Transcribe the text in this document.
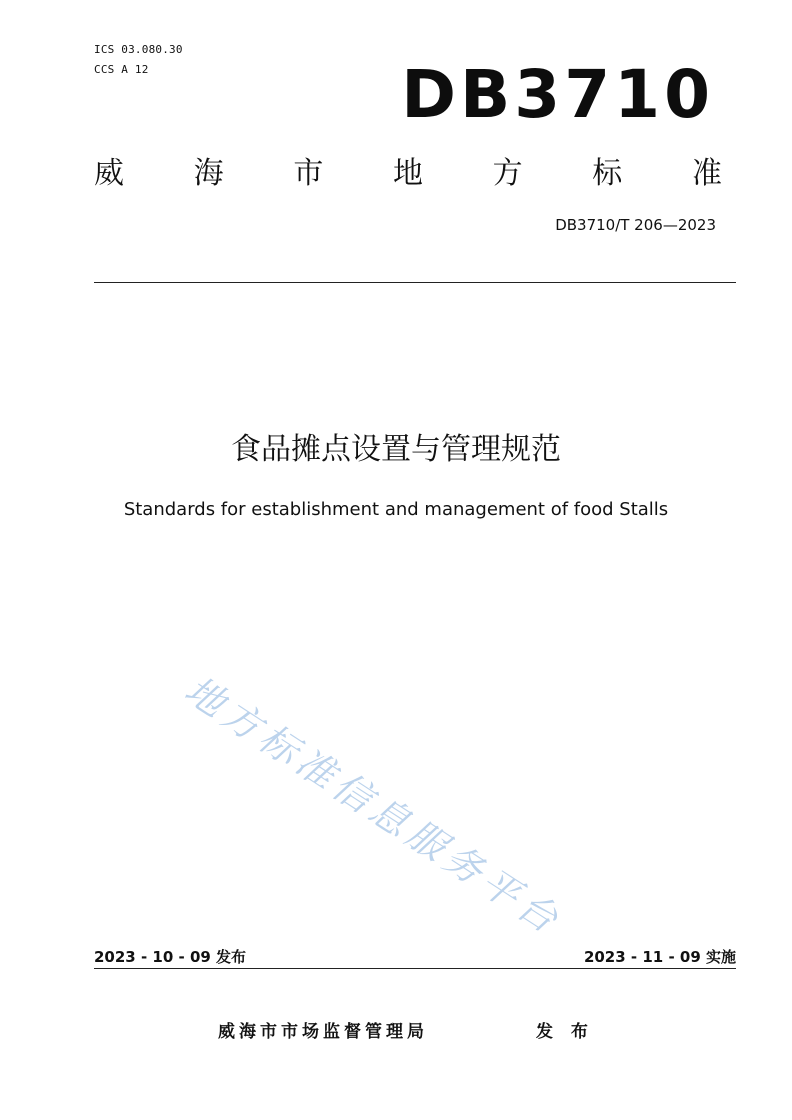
ICS 03.080.30
CCS A 12	DB3710
威 海 市 地 方 标 准
DB3710/T 206—2023
食品摊点设置与管理规范
Standards for establishment and management of food Stalls
地方标准信息服务平台
2023 - 10 - 09 发布	2023 - 11 - 09 实施
威海市市场监督管理局	发 布
